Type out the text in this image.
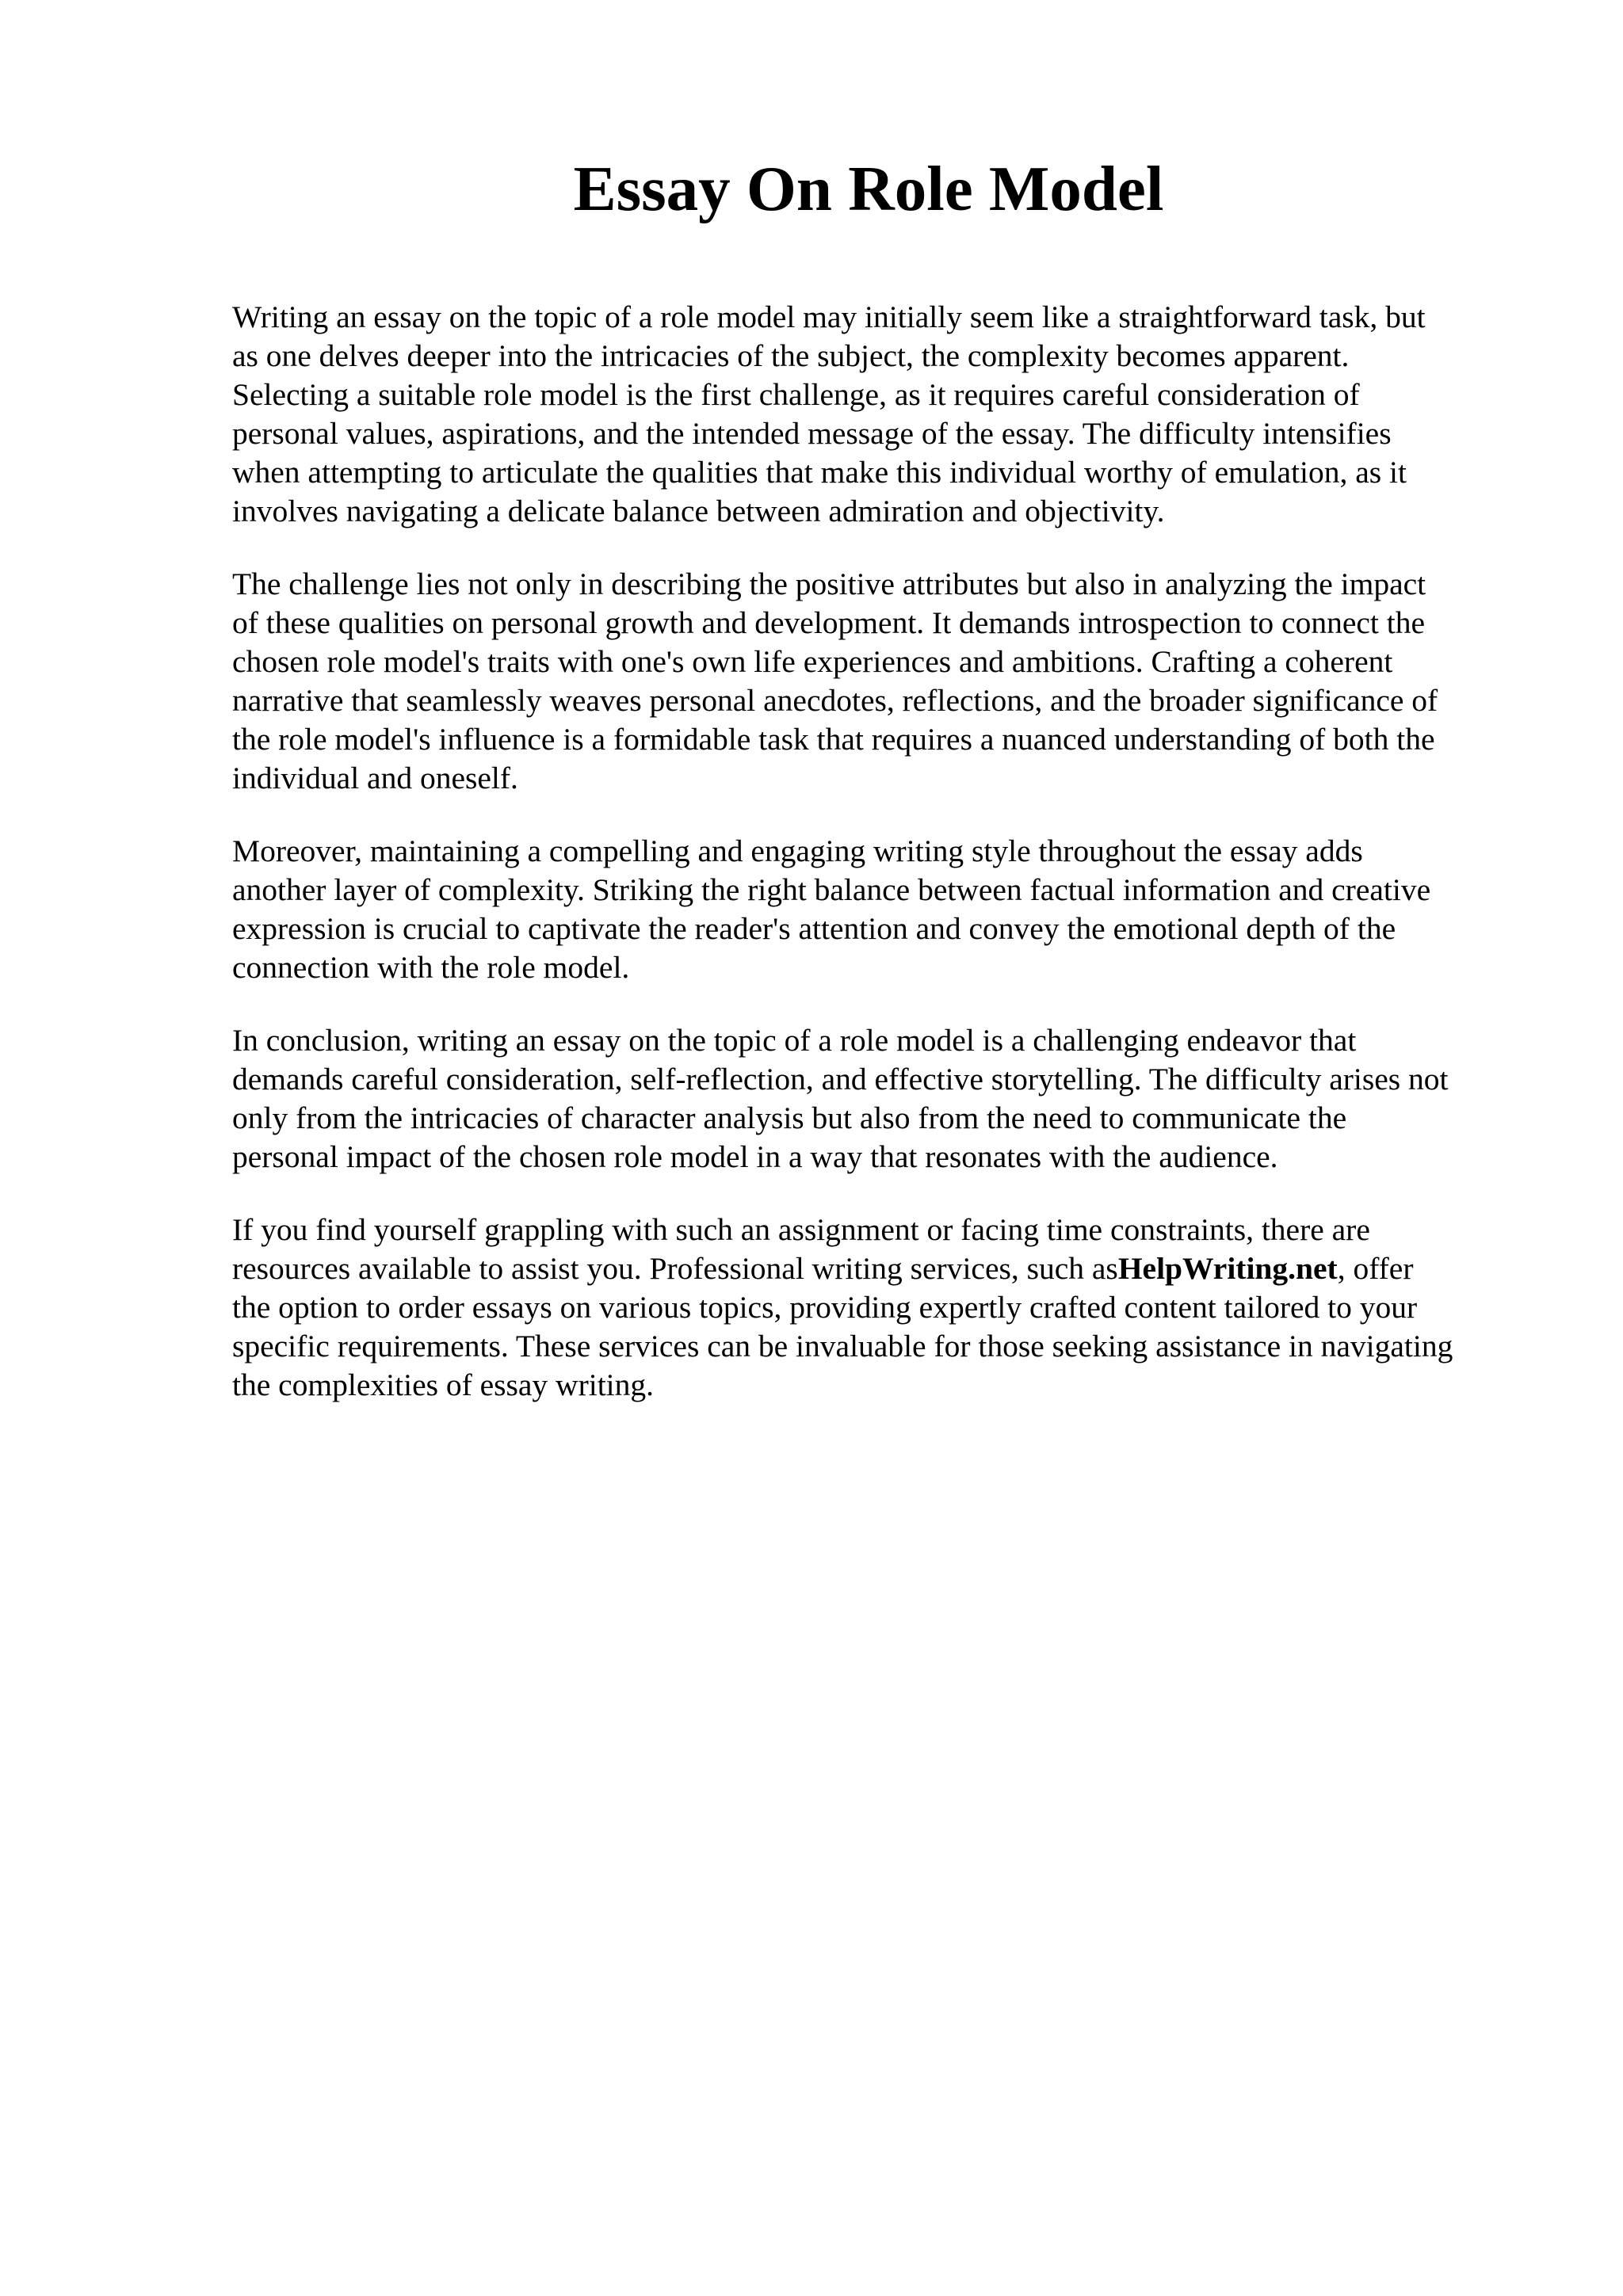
Essay On Role Model

Writing an essay on the topic of a role model may initially seem like a straightforward task, but
as one delves deeper into the intricacies of the subject, the complexity becomes apparent.
Selecting a suitable role model is the first challenge, as it requires careful consideration of
personal values, aspirations, and the intended message of the essay. The difficulty intensifies
when attempting to articulate the qualities that make this individual worthy of emulation, as it
involves navigating a delicate balance between admiration and objectivity.

The challenge lies not only in describing the positive attributes but also in analyzing the impact
of these qualities on personal growth and development. It demands introspection to connect the
chosen role model's traits with one's own life experiences and ambitions. Crafting a coherent
narrative that seamlessly weaves personal anecdotes, reflections, and the broader significance of
the role model's influence is a formidable task that requires a nuanced understanding of both the
individual and oneself.

Moreover, maintaining a compelling and engaging writing style throughout the essay adds
another layer of complexity. Striking the right balance between factual information and creative
expression is crucial to captivate the reader's attention and convey the emotional depth of the
connection with the role model.

In conclusion, writing an essay on the topic of a role model is a challenging endeavor that
demands careful consideration, self-reflection, and effective storytelling. The difficulty arises not
only from the intricacies of character analysis but also from the need to communicate the
personal impact of the chosen role model in a way that resonates with the audience.

If you find yourself grappling with such an assignment or facing time constraints, there are
resources available to assist you. Professional writing services, such asHelpWriting.net, offer
the option to order essays on various topics, providing expertly crafted content tailored to your
specific requirements. These services can be invaluable for those seeking assistance in navigating
the complexities of essay writing.
